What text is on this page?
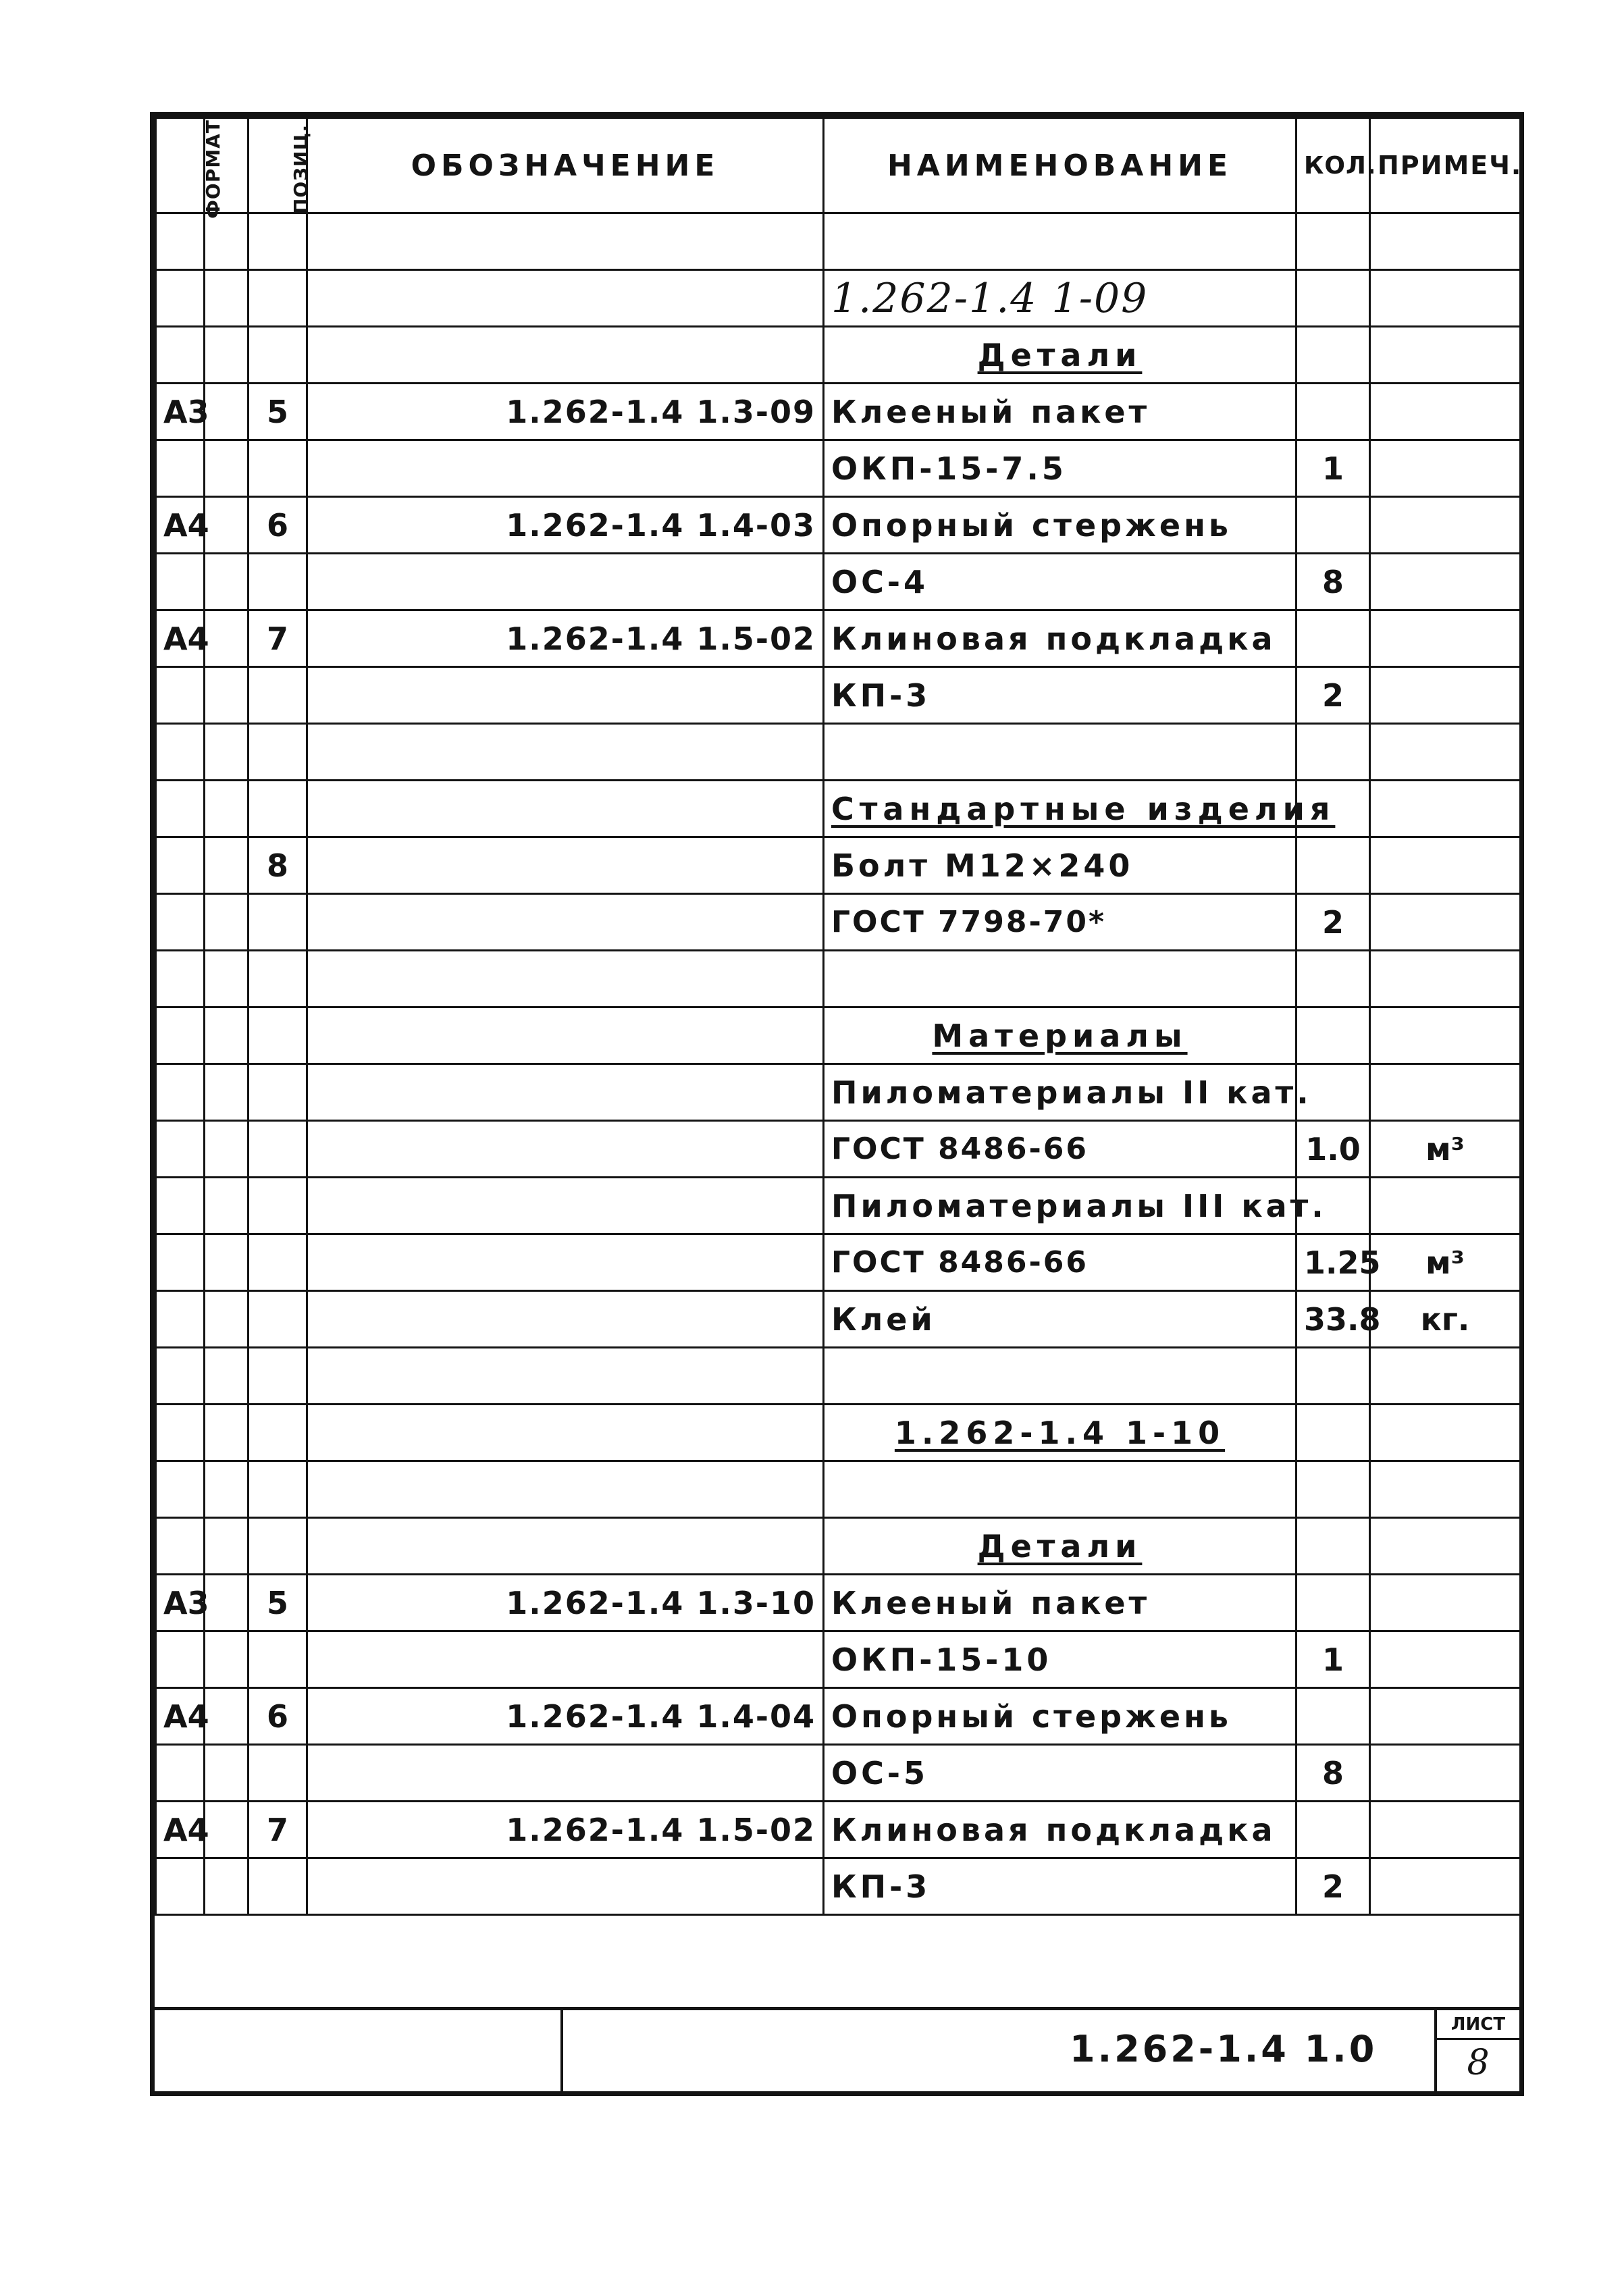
ФОРМАТ		ПОЗИЦ.	ОБОЗНАЧЕНИЕ	НАИМЕНОВАНИЕ	КОЛ.	ПРИМЕЧ.

				1.262-1.4 1-09		
				Детали		
А3		5	1.262-1.4 1.3-09	Клееный пакет		
				ОКП-15-7.5	1	
А4		6	1.262-1.4 1.4-03	Опорный стержень		
				ОС-4	8	
А4		7	1.262-1.4 1.5-02	Клиновая подкладка		
				КП-3	2	

				Стандартные изделия		
		8		Болт М12×240		
				ГОСТ 7798-70*	2	

				Материалы		
				Пиломатериалы II кат.		
				ГОСТ 8486-66	1.0	м³
				Пиломатериалы III кат.		
				ГОСТ 8486-66	1.25	м³
				Клей	33.8	кг.

				1.262-1.4 1-10		

				Детали		
А3		5	1.262-1.4 1.3-10	Клееный пакет		
				ОКП-15-10	1	
А4		6	1.262-1.4 1.4-04	Опорный стержень		
				ОС-5	8	
А4		7	1.262-1.4 1.5-02	Клиновая подкладка		
				КП-3	2	
1.262-1.4 1.0
ЛИСТ
8
